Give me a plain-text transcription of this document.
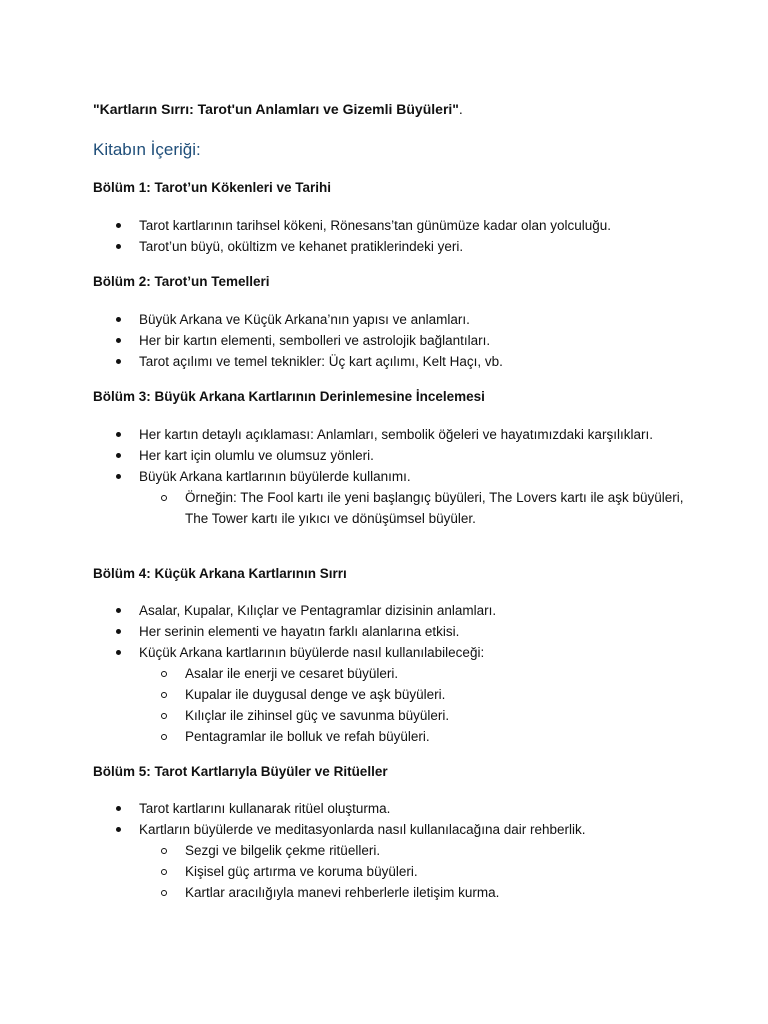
"Kartların Sırrı: Tarot'un Anlamları ve Gizemli Büyüleri".

Kitabın İçeriği:
Bölüm 1: Tarot’un Kökenleri ve Tarihi
Tarot kartlarının tarihsel kökeni, Rönesans’tan günümüze kadar olan yolculuğu.
Tarot’un büyü, okültizm ve kehanet pratiklerindeki yeri.
Bölüm 2: Tarot’un Temelleri
Büyük Arkana ve Küçük Arkana’nın yapısı ve anlamları.
Her bir kartın elementi, sembolleri ve astrolojik bağlantıları.
Tarot açılımı ve temel teknikler: Üç kart açılımı, Kelt Haçı, vb.
Bölüm 3: Büyük Arkana Kartlarının Derinlemesine İncelemesi
Her kartın detaylı açıklaması: Anlamları, sembolik öğeleri ve hayatımızdaki karşılıkları.
Her kart için olumlu ve olumsuz yönleri.
Büyük Arkana kartlarının büyülerde kullanımı.
Örneğin: The Fool kartı ile yeni başlangıç büyüleri, The Lovers kartı ile aşk büyüleri, The Tower kartı ile yıkıcı ve dönüşümsel büyüler.
Bölüm 4: Küçük Arkana Kartlarının Sırrı
Asalar, Kupalar, Kılıçlar ve Pentagramlar dizisinin anlamları.
Her serinin elementi ve hayatın farklı alanlarına etkisi.
Küçük Arkana kartlarının büyülerde nasıl kullanılabileceği:
Asalar ile enerji ve cesaret büyüleri.
Kupalar ile duygusal denge ve aşk büyüleri.
Kılıçlar ile zihinsel güç ve savunma büyüleri.
Pentagramlar ile bolluk ve refah büyüleri.
Bölüm 5: Tarot Kartlarıyla Büyüler ve Ritüeller
Tarot kartlarını kullanarak ritüel oluşturma.
Kartların büyülerde ve meditasyonlarda nasıl kullanılacağına dair rehberlik.
Sezgi ve bilgelik çekme ritüelleri.
Kişisel güç artırma ve koruma büyüleri.
Kartlar aracılığıyla manevi rehberlerle iletişim kurma.
